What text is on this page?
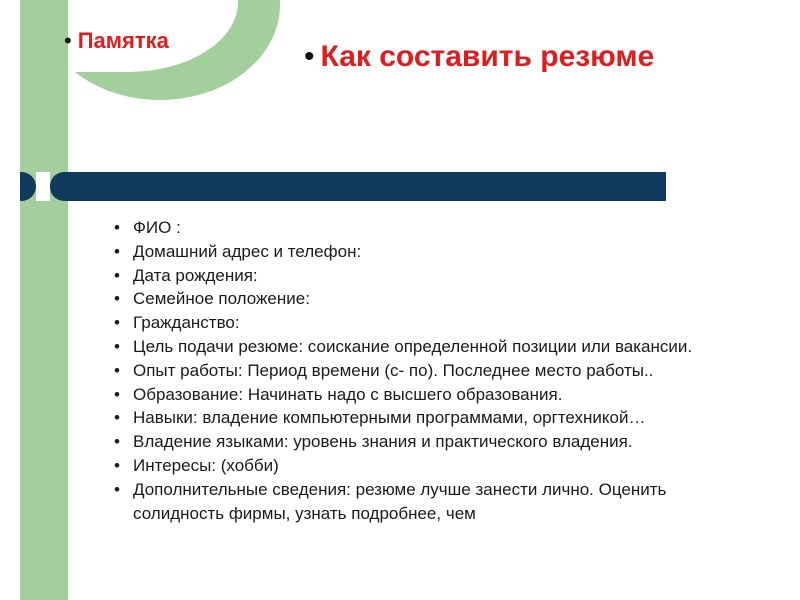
• Памятка	• Как составить резюме
• ФИО :
• Домашний адрес и телефон:
• Дата рождения:
• Семейное положение:
• Гражданство:
• Цель подачи резюме: соискание определенной позиции или вакансии.
• Опыт работы: Период времени (с- по). Последнее место работы..
• Образование: Начинать надо с высшего образования.
• Навыки: владение компьютерными программами, оргтехникой…
• Владение языками: уровень знания и практического владения.
• Интересы: (хобби)
• Дополнительные сведения: резюме лучше занести лично. Оценить солидность фирмы, узнать подробнее, чем
